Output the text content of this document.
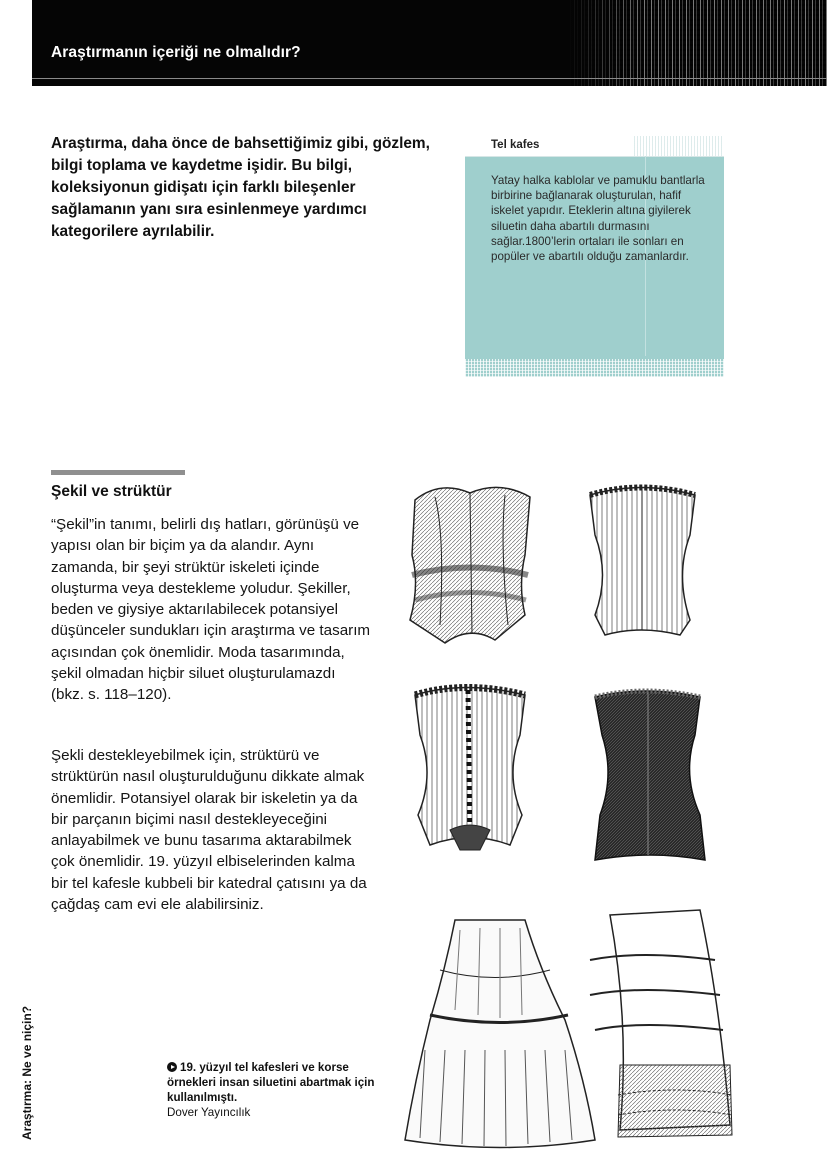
Araştırmanın içeriği ne olmalıdır?

Araştırma, daha önce de bahsettiğimiz gibi, gözlem, bilgi toplama ve kaydetme işidir. Bu bilgi, koleksiyonun gidişatı için farklı bileşenler sağlamanın yanı sıra esinlenmeye yardımcı kategorilere ayrılabilir.

Tel kafes

Yatay halka kablolar ve pamuklu bantlarla birbirine bağlanarak oluşturulan, hafif iskelet yapıdır. Eteklerin altına giyilerek siluetin daha abartılı durmasını sağlar.1800’lerin ortaları ile sonları en popüler ve abartılı olduğu zamanlardır.

Şekil ve strüktür

“Şekil”in tanımı, belirli dış hatları, görünüşü ve yapısı olan bir biçim ya da alandır. Aynı zamanda, bir şeyi strüktür iskeleti içinde oluşturma veya destekleme yoludur. Şekiller, beden ve giysiye aktarılabilecek potansiyel düşünceler sundukları için araştırma ve tasarım açısından çok önemlidir. Moda tasarımında, şekil olmadan hiçbir siluet oluşturulamazdı (bkz. s. 118–120).

Şekli destekleyebilmek için, strüktürü ve strüktürün nasıl oluşturulduğunu dikkate almak önemlidir. Potansiyel olarak bir iskeletin ya da bir parçanın biçimi nasıl destekleyeceğini anlayabilmek ve bunu tasarıma aktarabilmek çok önemlidir. 19. yüzyıl elbiselerinden kalma bir tel kafesle kubbeli bir katedral çatısını ya da çağdaş cam evi ele alabilirsiniz.

19. yüzyıl tel kafesleri ve korse örnekleri insan siluetini abartmak için kullanılmıştı.
Dover Yayıncılık
Araştırma: Ne ve niçin?
